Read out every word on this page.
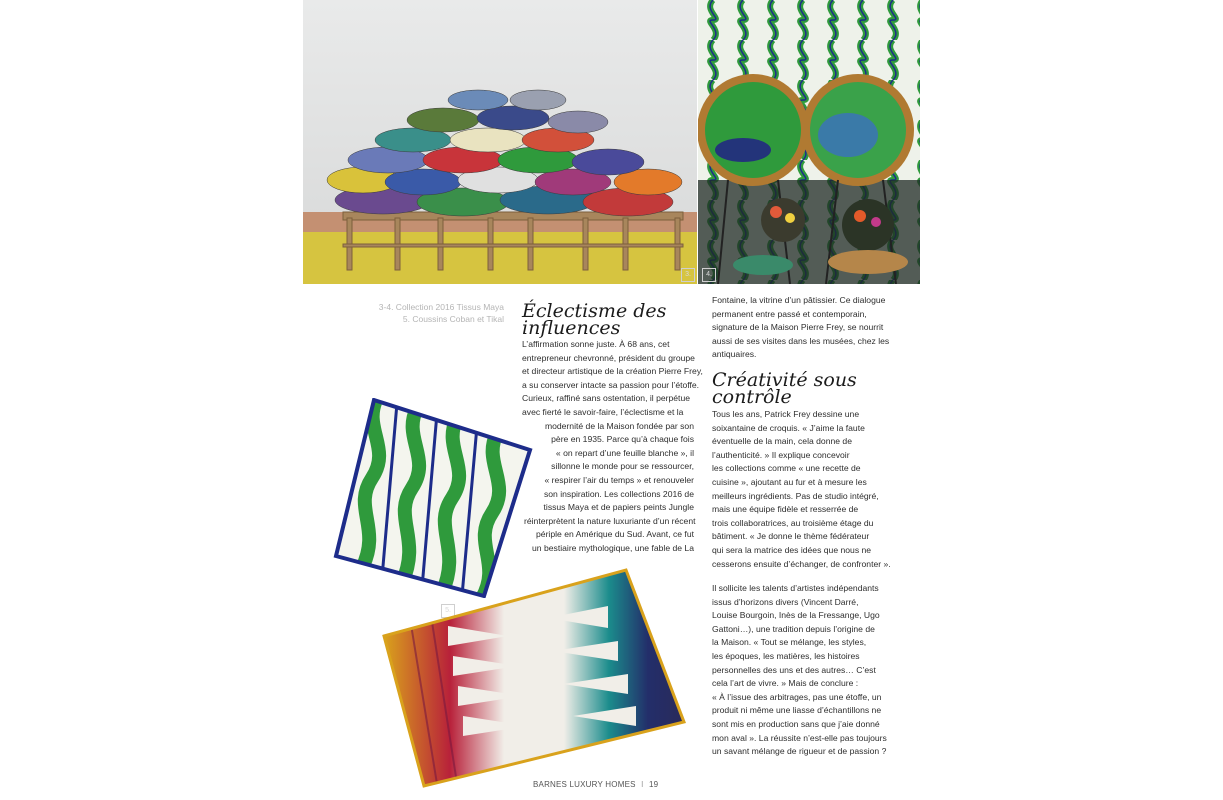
3.	4.
3-4. Collection 2016 Tissus Maya
5. Coussins Coban et Tikal
5.
Éclectisme des
influences
L’affirmation sonne juste. À 68 ans, cet
entrepreneur chevronné, président du groupe
et directeur artistique de la création Pierre Frey,
a su conserver intacte sa passion pour l’étoffe.
Curieux, raffiné sans ostentation, il perpétue
avec fierté le savoir-faire, l’éclectisme et la
modernité de la Maison fondée par son
père en 1935. Parce qu’à chaque fois
« on repart d’une feuille blanche », il
sillonne le monde pour se ressourcer,
« respirer l’air du temps » et renouveler
son inspiration. Les collections 2016 de
tissus Maya et de papiers peints Jungle
réinterprètent la nature luxuriante d’un récent
périple en Amérique du Sud. Avant, ce fut
un bestiaire mythologique, une fable de La
Fontaine, la vitrine d’un pâtissier. Ce dialogue
permanent entre passé et contemporain,
signature de la Maison Pierre Frey, se nourrit
aussi de ses visites dans les musées, chez les
antiquaires.
Créativité sous
contrôle
Tous les ans, Patrick Frey dessine une
soixantaine de croquis. « J’aime la faute
éventuelle de la main, cela donne de
l’authenticité. » Il explique concevoir
les collections comme « une recette de
cuisine », ajoutant au fur et à mesure les
meilleurs ingrédients. Pas de studio intégré,
mais une équipe fidèle et resserrée de
trois collaboratrices, au troisième étage du
bâtiment. « Je donne le thème fédérateur
qui sera la matrice des idées que nous ne
cesserons ensuite d’échanger, de confronter ».
Il sollicite les talents d’artistes indépendants
issus d’horizons divers (Vincent Darré,
Louise Bourgoin, Inès de la Fressange, Ugo
Gattoni…), une tradition depuis l’origine de
la Maison. « Tout se mélange, les styles,
les époques, les matières, les histoires
personnelles des uns et des autres… C’est
cela l’art de vivre. » Mais de conclure :
« À l’issue des arbitrages, pas une étoffe, un
produit ni même une liasse d’échantillons ne
sont mis en production sans que j’aie donné
mon aval ». La réussite n’est-elle pas toujours
un savant mélange de rigueur et de passion ?
BARNES LUXURY HOMES I 19
